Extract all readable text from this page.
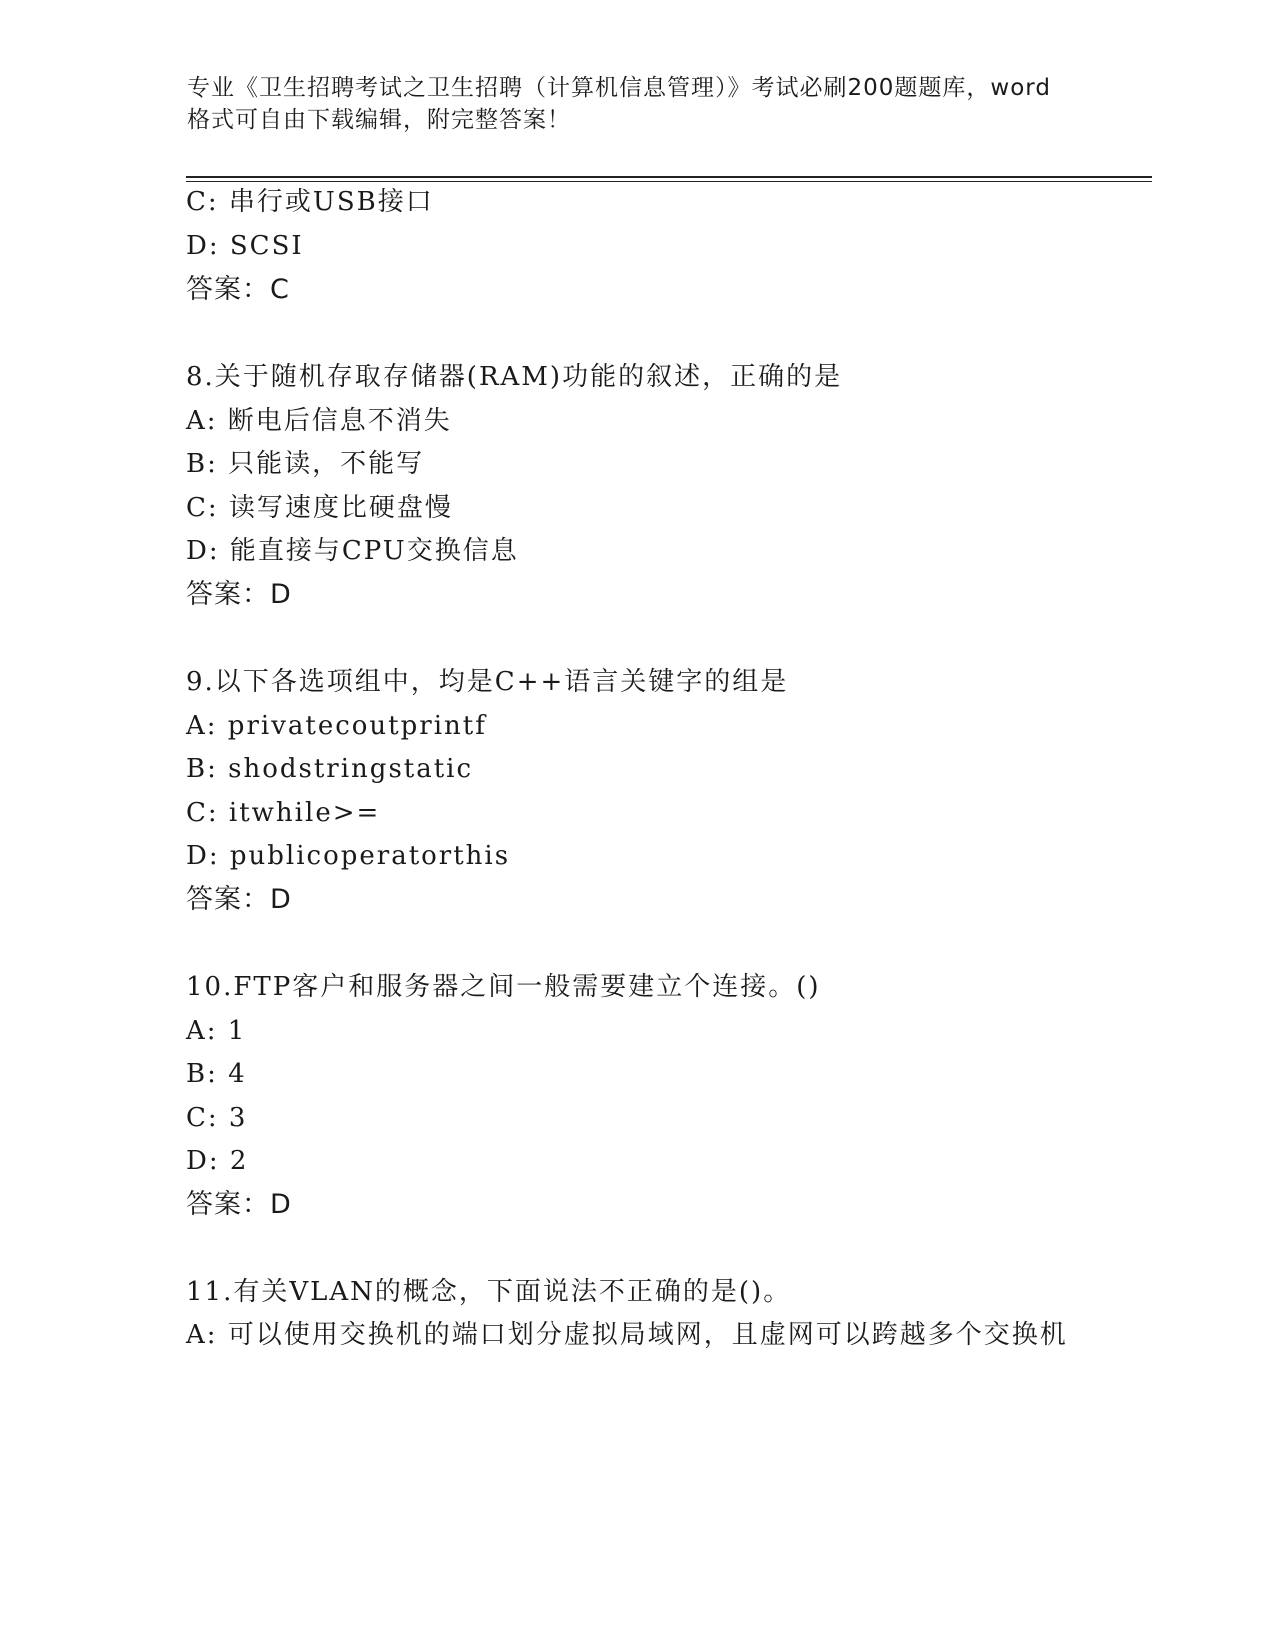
专业《卫生招聘考试之卫生招聘（计算机信息管理）》考试必刷200题题库，word
格式可自由下载编辑，附完整答案！
C: 串行或USB接口
D: SCSI
答案：C
8.关于随机存取存储器(RAM)功能的叙述，正确的是
A: 断电后信息不消失
B: 只能读，不能写
C: 读写速度比硬盘慢
D: 能直接与CPU交换信息
答案：D
9.以下各选项组中，均是C++语言关键字的组是
A: privatecoutprintf
B: shodstringstatic
C: itwhile>=
D: publicoperatorthis
答案：D
10.FTP客户和服务器之间一般需要建立个连接。()
A: 1
B: 4
C: 3
D: 2
答案：D
11.有关VLAN的概念，下面说法不正确的是()。
A: 可以使用交换机的端口划分虚拟局域网，且虚网可以跨越多个交换机
